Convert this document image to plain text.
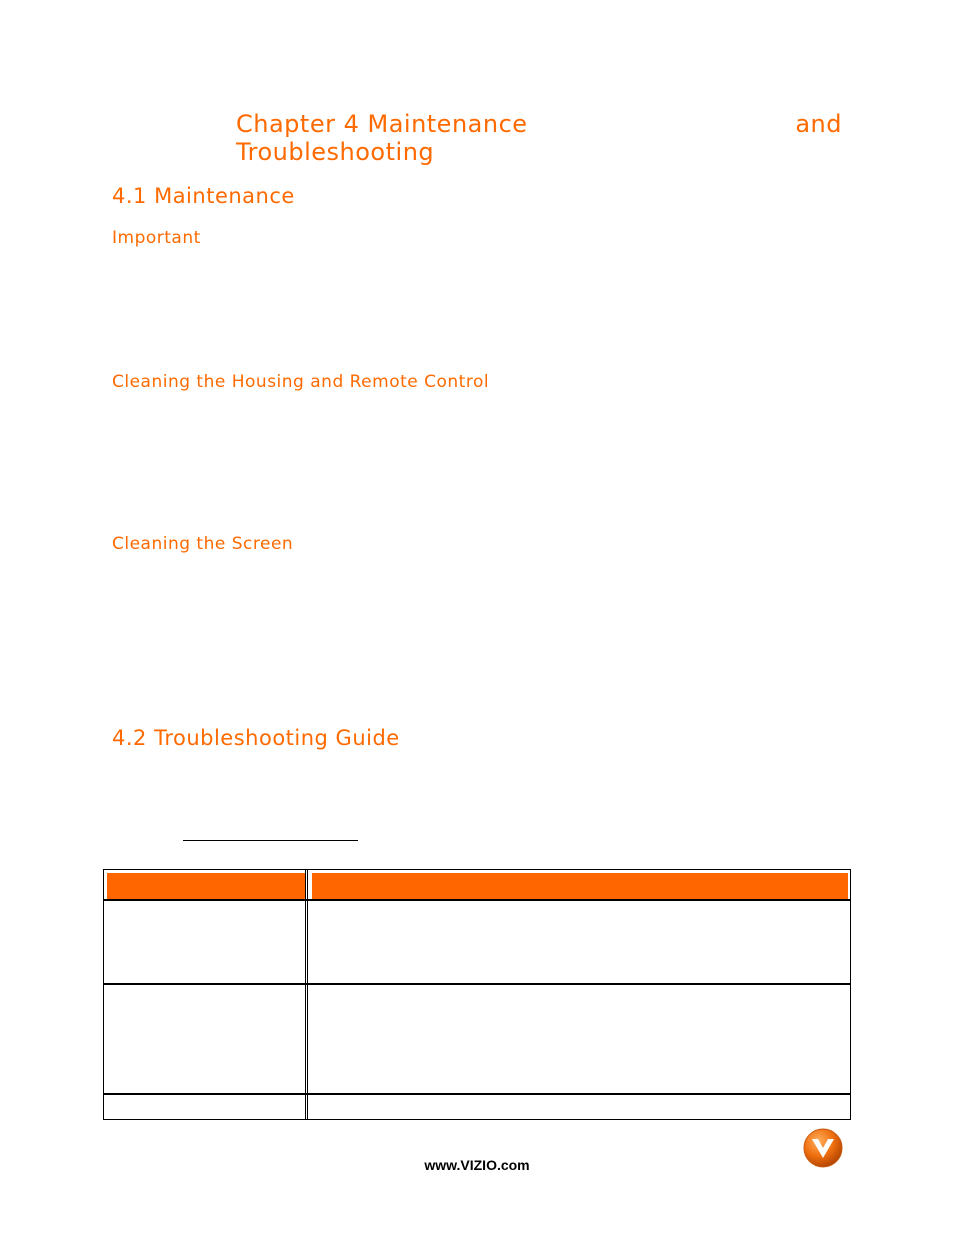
Chapter 4 Maintenance	and
Troubleshooting
4.1 Maintenance
Important
Cleaning the Housing and Remote Control
Cleaning the Screen
4.2 Troubleshooting Guide
www.VIZIO.com
